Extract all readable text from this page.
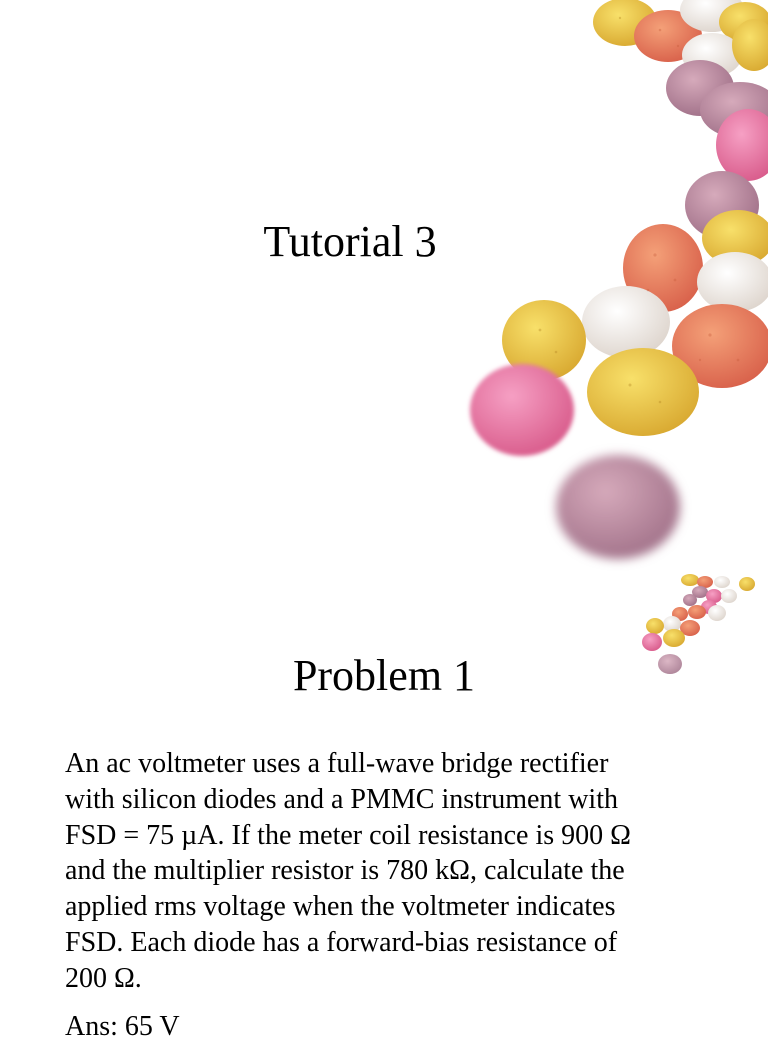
Tutorial 3
Problem 1

An ac voltmeter uses a full-wave bridge rectifier

with silicon diodes and a PMMC instrument with

FSD = 75 µA. If the meter coil resistance is 900 Ω

and the multiplier resistor is 780 kΩ, calculate the

applied rms voltage when the voltmeter indicates

FSD. Each diode has a forward-bias resistance of

200 Ω.

Ans: 65 V
